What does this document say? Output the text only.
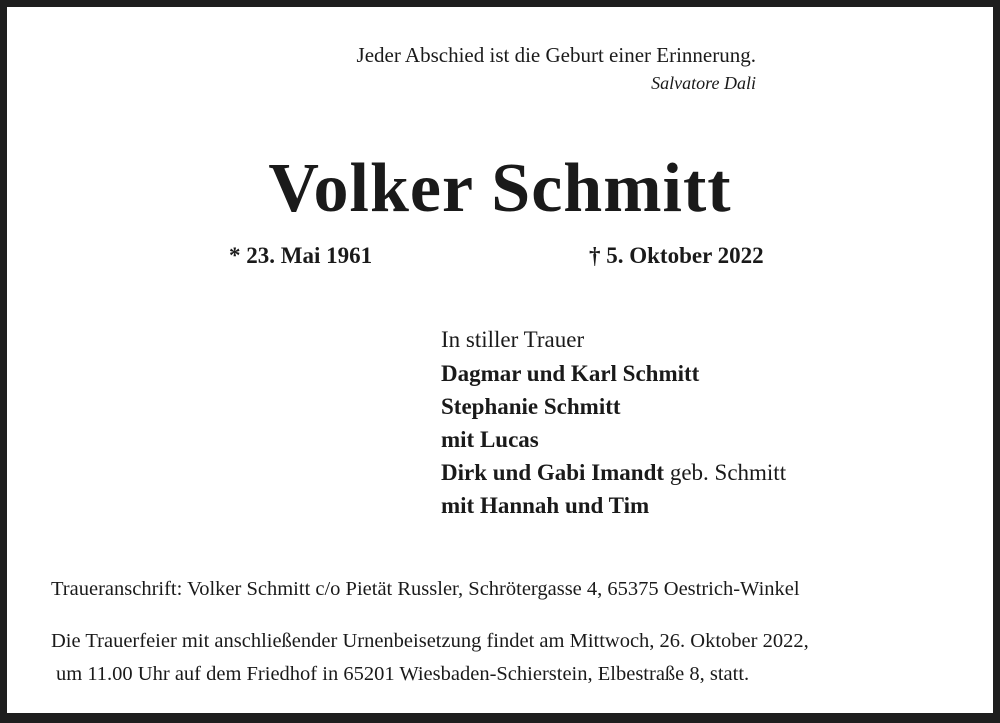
Jeder Abschied ist die Geburt einer Erinnerung.
Salvatore Dali
Volker Schmitt
* 23. Mai 1961	† 5. Oktober 2022
In stiller Trauer
Dagmar und Karl Schmitt
Stephanie Schmitt
mit Lucas
Dirk und Gabi Imandt geb. Schmitt
mit Hannah und Tim
Traueranschrift: Volker Schmitt c/o Pietät Russler, Schrötergasse 4, 65375 Oestrich-Winkel
Die Trauerfeier mit anschließender Urnenbeisetzung findet am Mittwoch, 26. Oktober 2022,
um 11.00 Uhr auf dem Friedhof in 65201 Wiesbaden-Schierstein, Elbestraße 8, statt.
